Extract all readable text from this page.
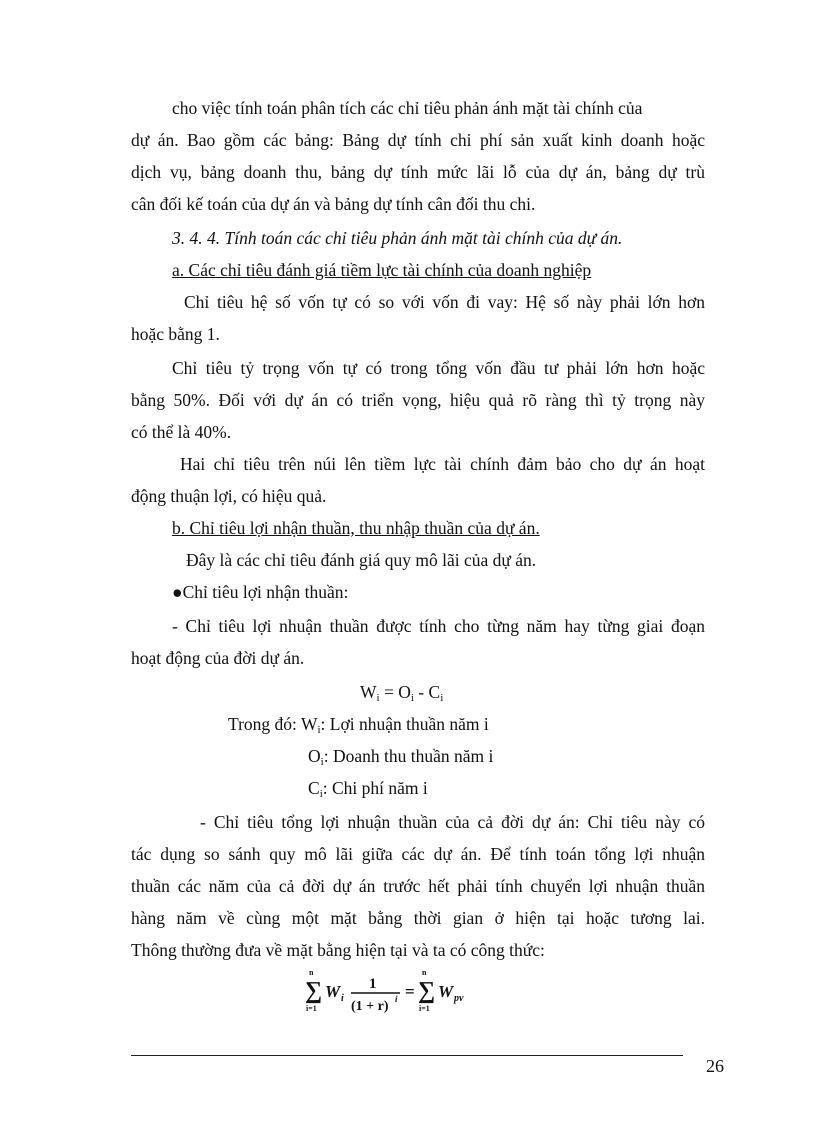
cho việc tính toán phân tích các chỉ tiêu phản ánh mặt tài chính của
dự án. Bao gồm các bảng: Bảng dự tính chi phí sản xuất kinh doanh hoặc
dịch vụ, bảng doanh thu, bảng dự tính mức lãi lỗ của dự án, bảng dự trù
cân đối kế toán của dự án và bảng dự tính cân đối thu chi.
3. 4. 4. Tính toán các chỉ tiêu phản ánh mặt tài chính của dự án.
a. Các chỉ tiêu đánh giá tiềm lực tài chính của doanh nghiệp
Chỉ tiêu hệ số vốn tự có so với vốn đi vay: Hệ số này phải lớn hơn
hoặc bằng 1.
Chỉ tiêu tỷ trọng vốn tự có trong tổng vốn đầu tư phải lớn hơn hoặc
bằng 50%. Đối với dự án có triển vọng, hiệu quả rõ ràng thì tỷ trọng này
có thể là 40%.
Hai chỉ tiêu trên núi lên tiềm lực tài chính đảm bảo cho dự án hoạt
động thuận lợi, có hiệu quả.
b. Chỉ tiêu lợi nhận thuần, thu nhập thuần của dự án.
Đây là các chỉ tiêu đánh giá quy mô lãi của dự án.
●Chỉ tiêu lợi nhận thuần:
- Chỉ tiêu lợi nhuận thuần được tính cho từng năm hay từng giai đoạn
hoạt động của đời dự án.
$W_i = O_i - C_i$
Trong đó: $W_i$: Lợi nhuận thuần năm i
$O_i$: Doanh thu thuần năm i
$C_i$: Chi phí năm i
- Chỉ tiêu tổng lợi nhuận thuần của cả đời dự án: Chỉ tiêu này có
tác dụng so sánh quy mô lãi giữa các dự án. Để tính toán tổng lợi nhuận
thuần các năm của cả đời dự án trước hết phải tính chuyển lợi nhuận thuần
hàng năm về cùng một mặt bằng thời gian ở hiện tại hoặc tương lai.
Thông thường đưa về mặt bằng hiện tại và ta có công thức:
n
∑
i=1
W i
1
(1 + r) i =
n
∑
i=1
W pv
26
